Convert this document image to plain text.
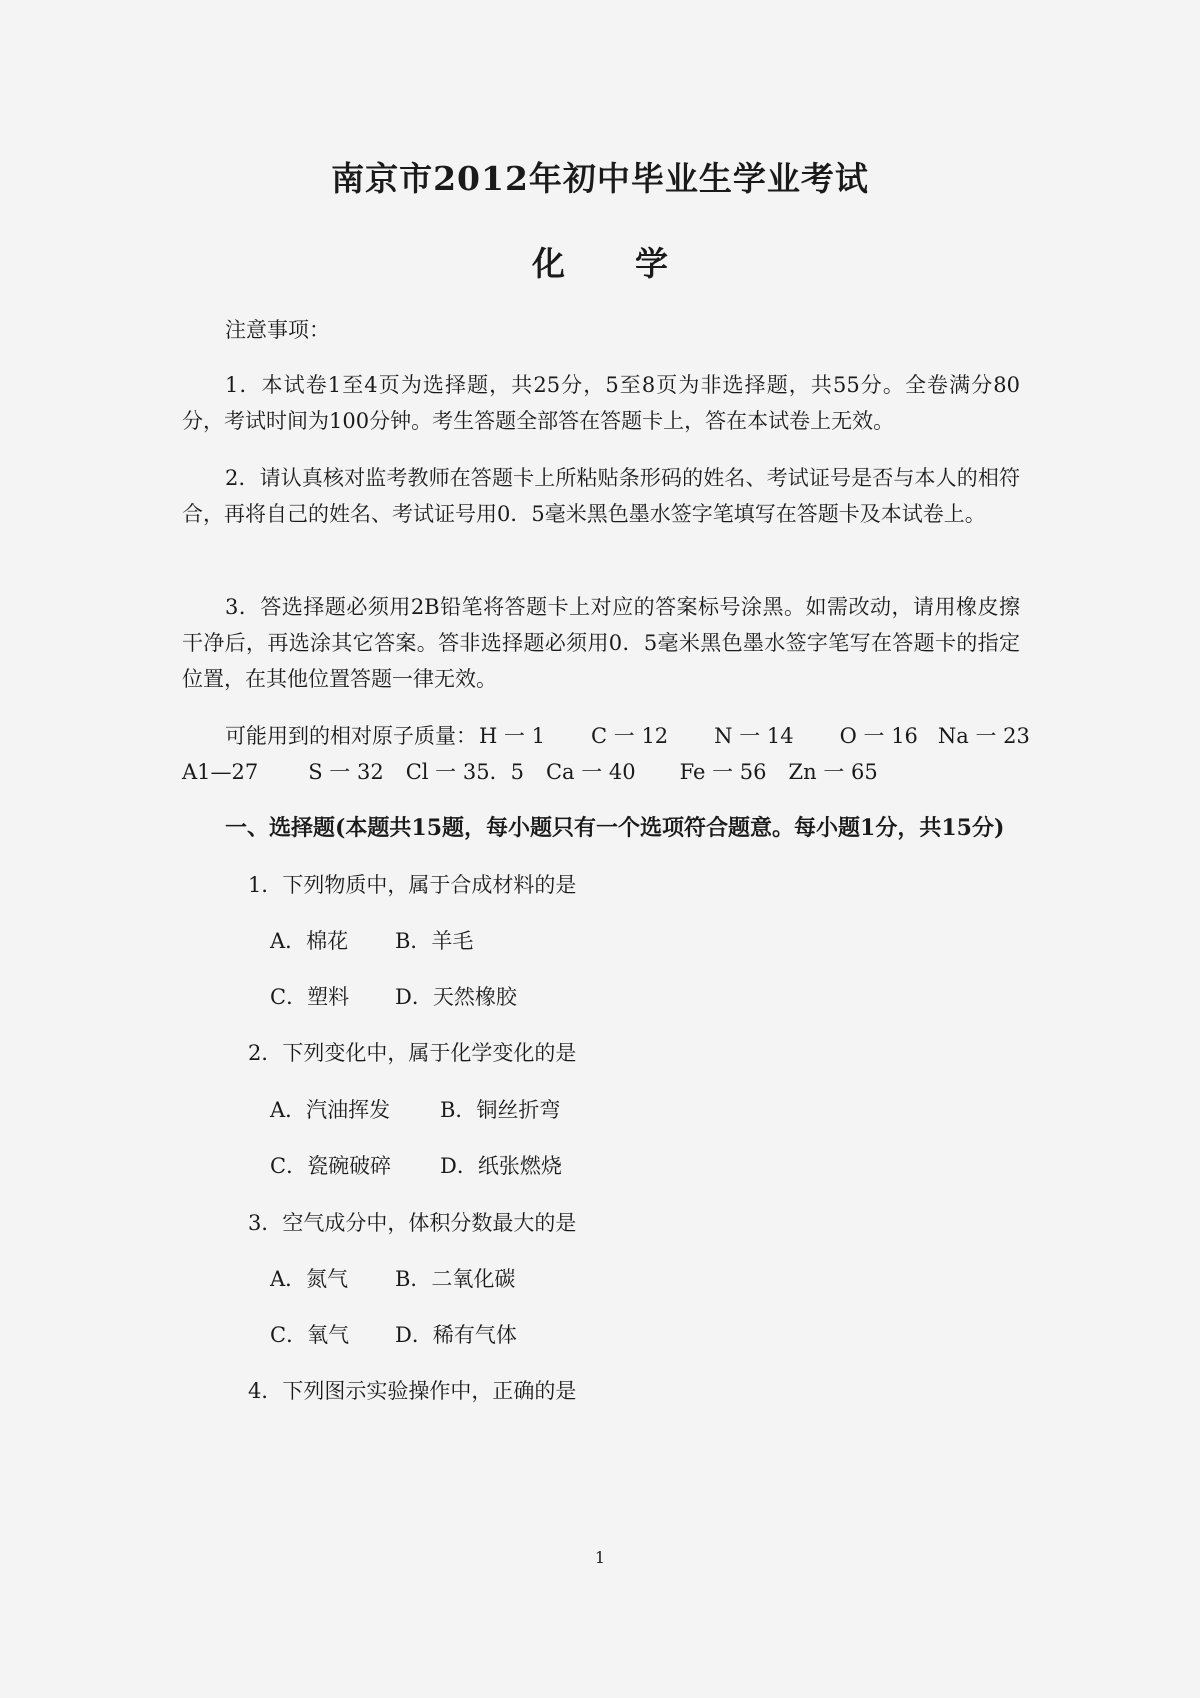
南京市2012年初中毕业生学业考试
化 学
注意事项：
1．本试卷1至4页为选择题，共25分，5至8页为非选择题，共55分。全卷满分80分，考试时间为100分钟。考生答题全部答在答题卡上，答在本试卷上无效。
2．请认真核对监考教师在答题卡上所粘贴条形码的姓名、考试证号是否与本人的相符合，再将自己的姓名、考试证号用0．5毫米黑色墨水签字笔填写在答题卡及本试卷上。
3．答选择题必须用2B铅笔将答题卡上对应的答案标号涂黑。如需改动，请用橡皮擦干净后，再选涂其它答案。答非选择题必须用0．5毫米黑色墨水签字笔写在答题卡的指定位置，在其他位置答题一律无效。
可能用到的相对原子质量：H 一 1 C 一 12 N 一 14 O 一 16 Na 一 23
A1—27 S 一 32 Cl 一 35．5 Ca 一 40 Fe 一 56 Zn 一 65
一、选择题(本题共15题，每小题只有一个选项符合题意。每小题1分，共15分)
1．下列物质中，属于合成材料的是
A．棉花 B．羊毛
C．塑料 D．天然橡胶
2．下列变化中，属于化学变化的是
A．汽油挥发 B．铜丝折弯
C．瓷碗破碎 D．纸张燃烧
3．空气成分中，体积分数最大的是
A．氮气 B．二氧化碳
C．氧气 D．稀有气体
4．下列图示实验操作中，正确的是
1
